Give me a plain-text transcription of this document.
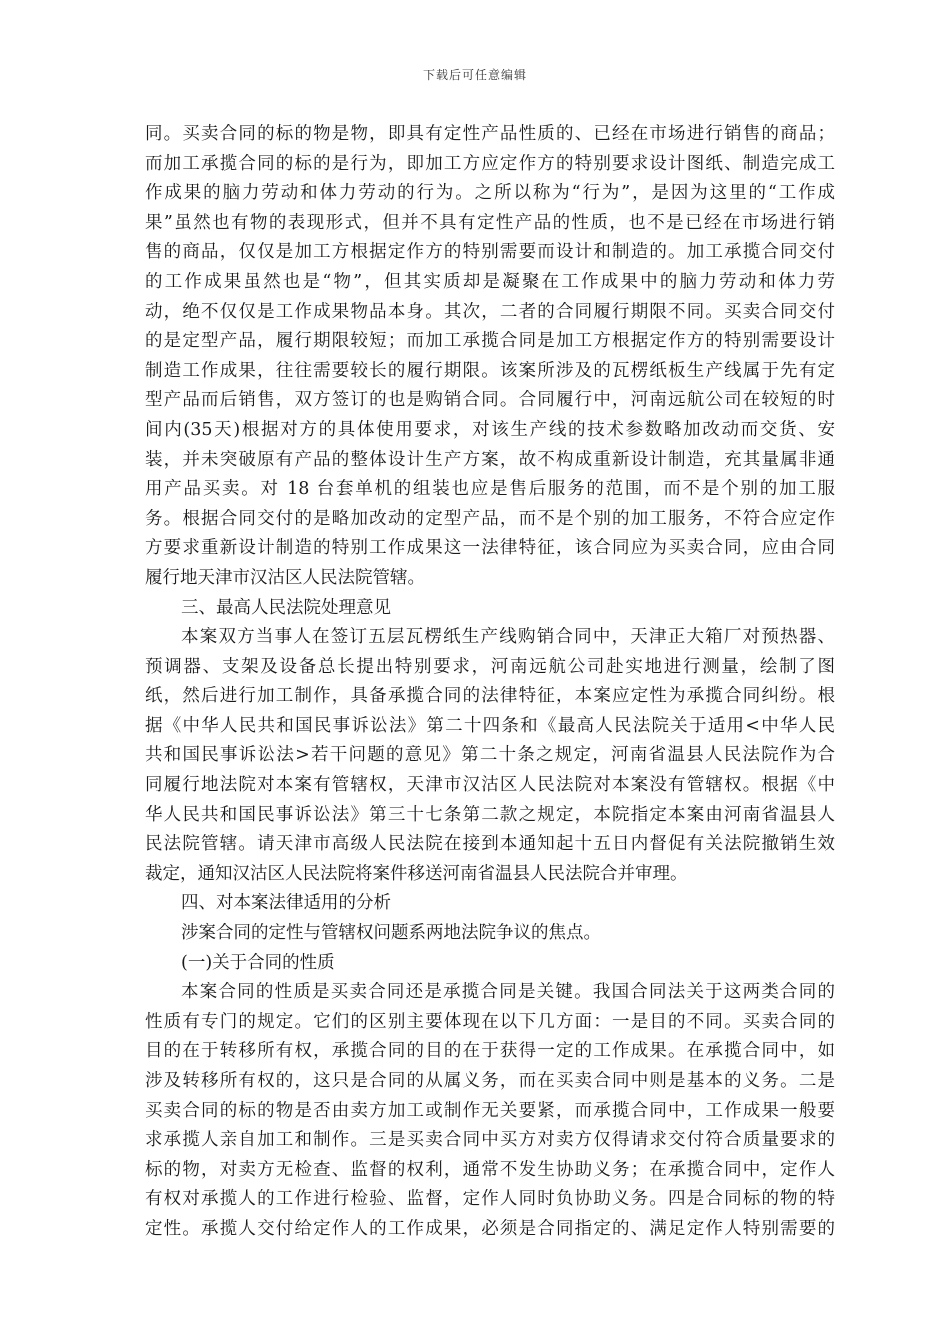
下载后可任意编辑
同。买卖合同的标的物是物，即具有定性产品性质的、已经在市场进行销售的商品；
而加工承揽合同的标的是行为，即加工方应定作方的特别要求设计图纸、制造完成工
作成果的脑力劳动和体力劳动的行为。之所以称为“行为”，是因为这里的“工作成
果”虽然也有物的表现形式，但并不具有定性产品的性质，也不是已经在市场进行销
售的商品，仅仅是加工方根据定作方的特别需要而设计和制造的。加工承揽合同交付
的工作成果虽然也是“物”，但其实质却是凝聚在工作成果中的脑力劳动和体力劳
动，绝不仅仅是工作成果物品本身。其次，二者的合同履行期限不同。买卖合同交付
的是定型产品，履行期限较短；而加工承揽合同是加工方根据定作方的特别需要设计
制造工作成果，往往需要较长的履行期限。该案所涉及的瓦楞纸板生产线属于先有定
型产品而后销售，双方签订的也是购销合同。合同履行中，河南远航公司在较短的时
间内(35天)根据对方的具体使用要求，对该生产线的技术参数略加改动而交货、安
装，并未突破原有产品的整体设计生产方案，故不构成重新设计制造，充其量属非通
用产品买卖。对 18 台套单机的组装也应是售后服务的范围，而不是个别的加工服
务。根据合同交付的是略加改动的定型产品，而不是个别的加工服务，不符合应定作
方要求重新设计制造的特别工作成果这一法律特征，该合同应为买卖合同，应由合同
履行地天津市汉沽区人民法院管辖。
三、最高人民法院处理意见
本案双方当事人在签订五层瓦楞纸生产线购销合同中，天津正大箱厂对预热器、
预调器、支架及设备总长提出特别要求，河南远航公司赴实地进行测量，绘制了图
纸，然后进行加工制作，具备承揽合同的法律特征，本案应定性为承揽合同纠纷。根
据《中华人民共和国民事诉讼法》第二十四条和《最高人民法院关于适用<中华人民
共和国民事诉讼法>若干问题的意见》第二十条之规定，河南省温县人民法院作为合
同履行地法院对本案有管辖权，天津市汉沽区人民法院对本案没有管辖权。根据《中
华人民共和国民事诉讼法》第三十七条第二款之规定，本院指定本案由河南省温县人
民法院管辖。请天津市高级人民法院在接到本通知起十五日内督促有关法院撤销生效
裁定，通知汉沽区人民法院将案件移送河南省温县人民法院合并审理。
四、对本案法律适用的分析
涉案合同的定性与管辖权问题系两地法院争议的焦点。
(一)关于合同的性质
本案合同的性质是买卖合同还是承揽合同是关键。我国合同法关于这两类合同的
性质有专门的规定。它们的区别主要体现在以下几方面：一是目的不同。买卖合同的
目的在于转移所有权，承揽合同的目的在于获得一定的工作成果。在承揽合同中，如
涉及转移所有权的，这只是合同的从属义务，而在买卖合同中则是基本的义务。二是
买卖合同的标的物是否由卖方加工或制作无关要紧，而承揽合同中，工作成果一般要
求承揽人亲自加工和制作。三是买卖合同中买方对卖方仅得请求交付符合质量要求的
标的物，对卖方无检查、监督的权利，通常不发生协助义务；在承揽合同中，定作人
有权对承揽人的工作进行检验、监督，定作人同时负协助义务。四是合同标的物的特
定性。承揽人交付给定作人的工作成果，必须是合同指定的、满足定作人特别需要的
